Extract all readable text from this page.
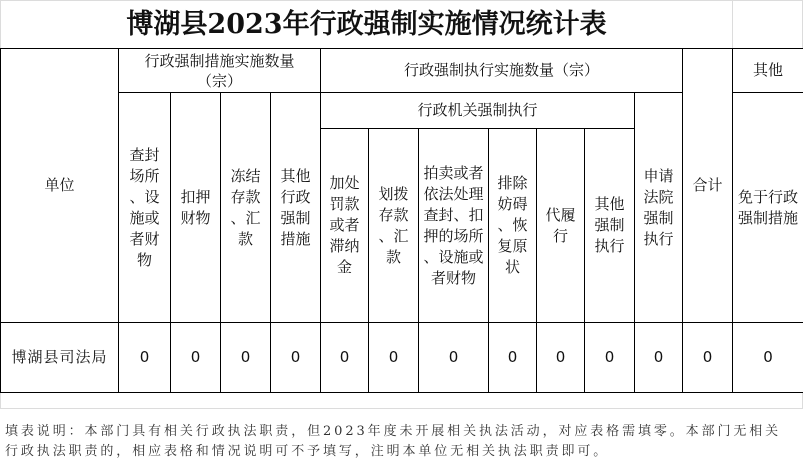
博湖县2023年行政强制实施情况统计表
单位	行政强制措施实施数量（宗）				行政强制执行实施数量（宗）							合计	其他
	查封场所、设施或者财物	扣押财物	冻结存款、汇款	其他行政强制措施	行政机关强制执行						申请法院强制执行		免于行政强制措施
					加处罚款或者滞纳金	划拨存款、汇款	拍卖或者依法处理查封、扣押的场所、设施或者财物	排除妨碍、恢复原状	代履行	其他强制执行			
博湖县司法局	0	0	0	0	0	0	0	0	0	0	0	0	0
填表说明：本部门具有相关行政执法职责，但2023年度未开展相关执法活动，对应表格需填零。本部门无相关行政执法职责的，相应表格和情况说明可不予填写，注明本单位无相关执法职责即可。
